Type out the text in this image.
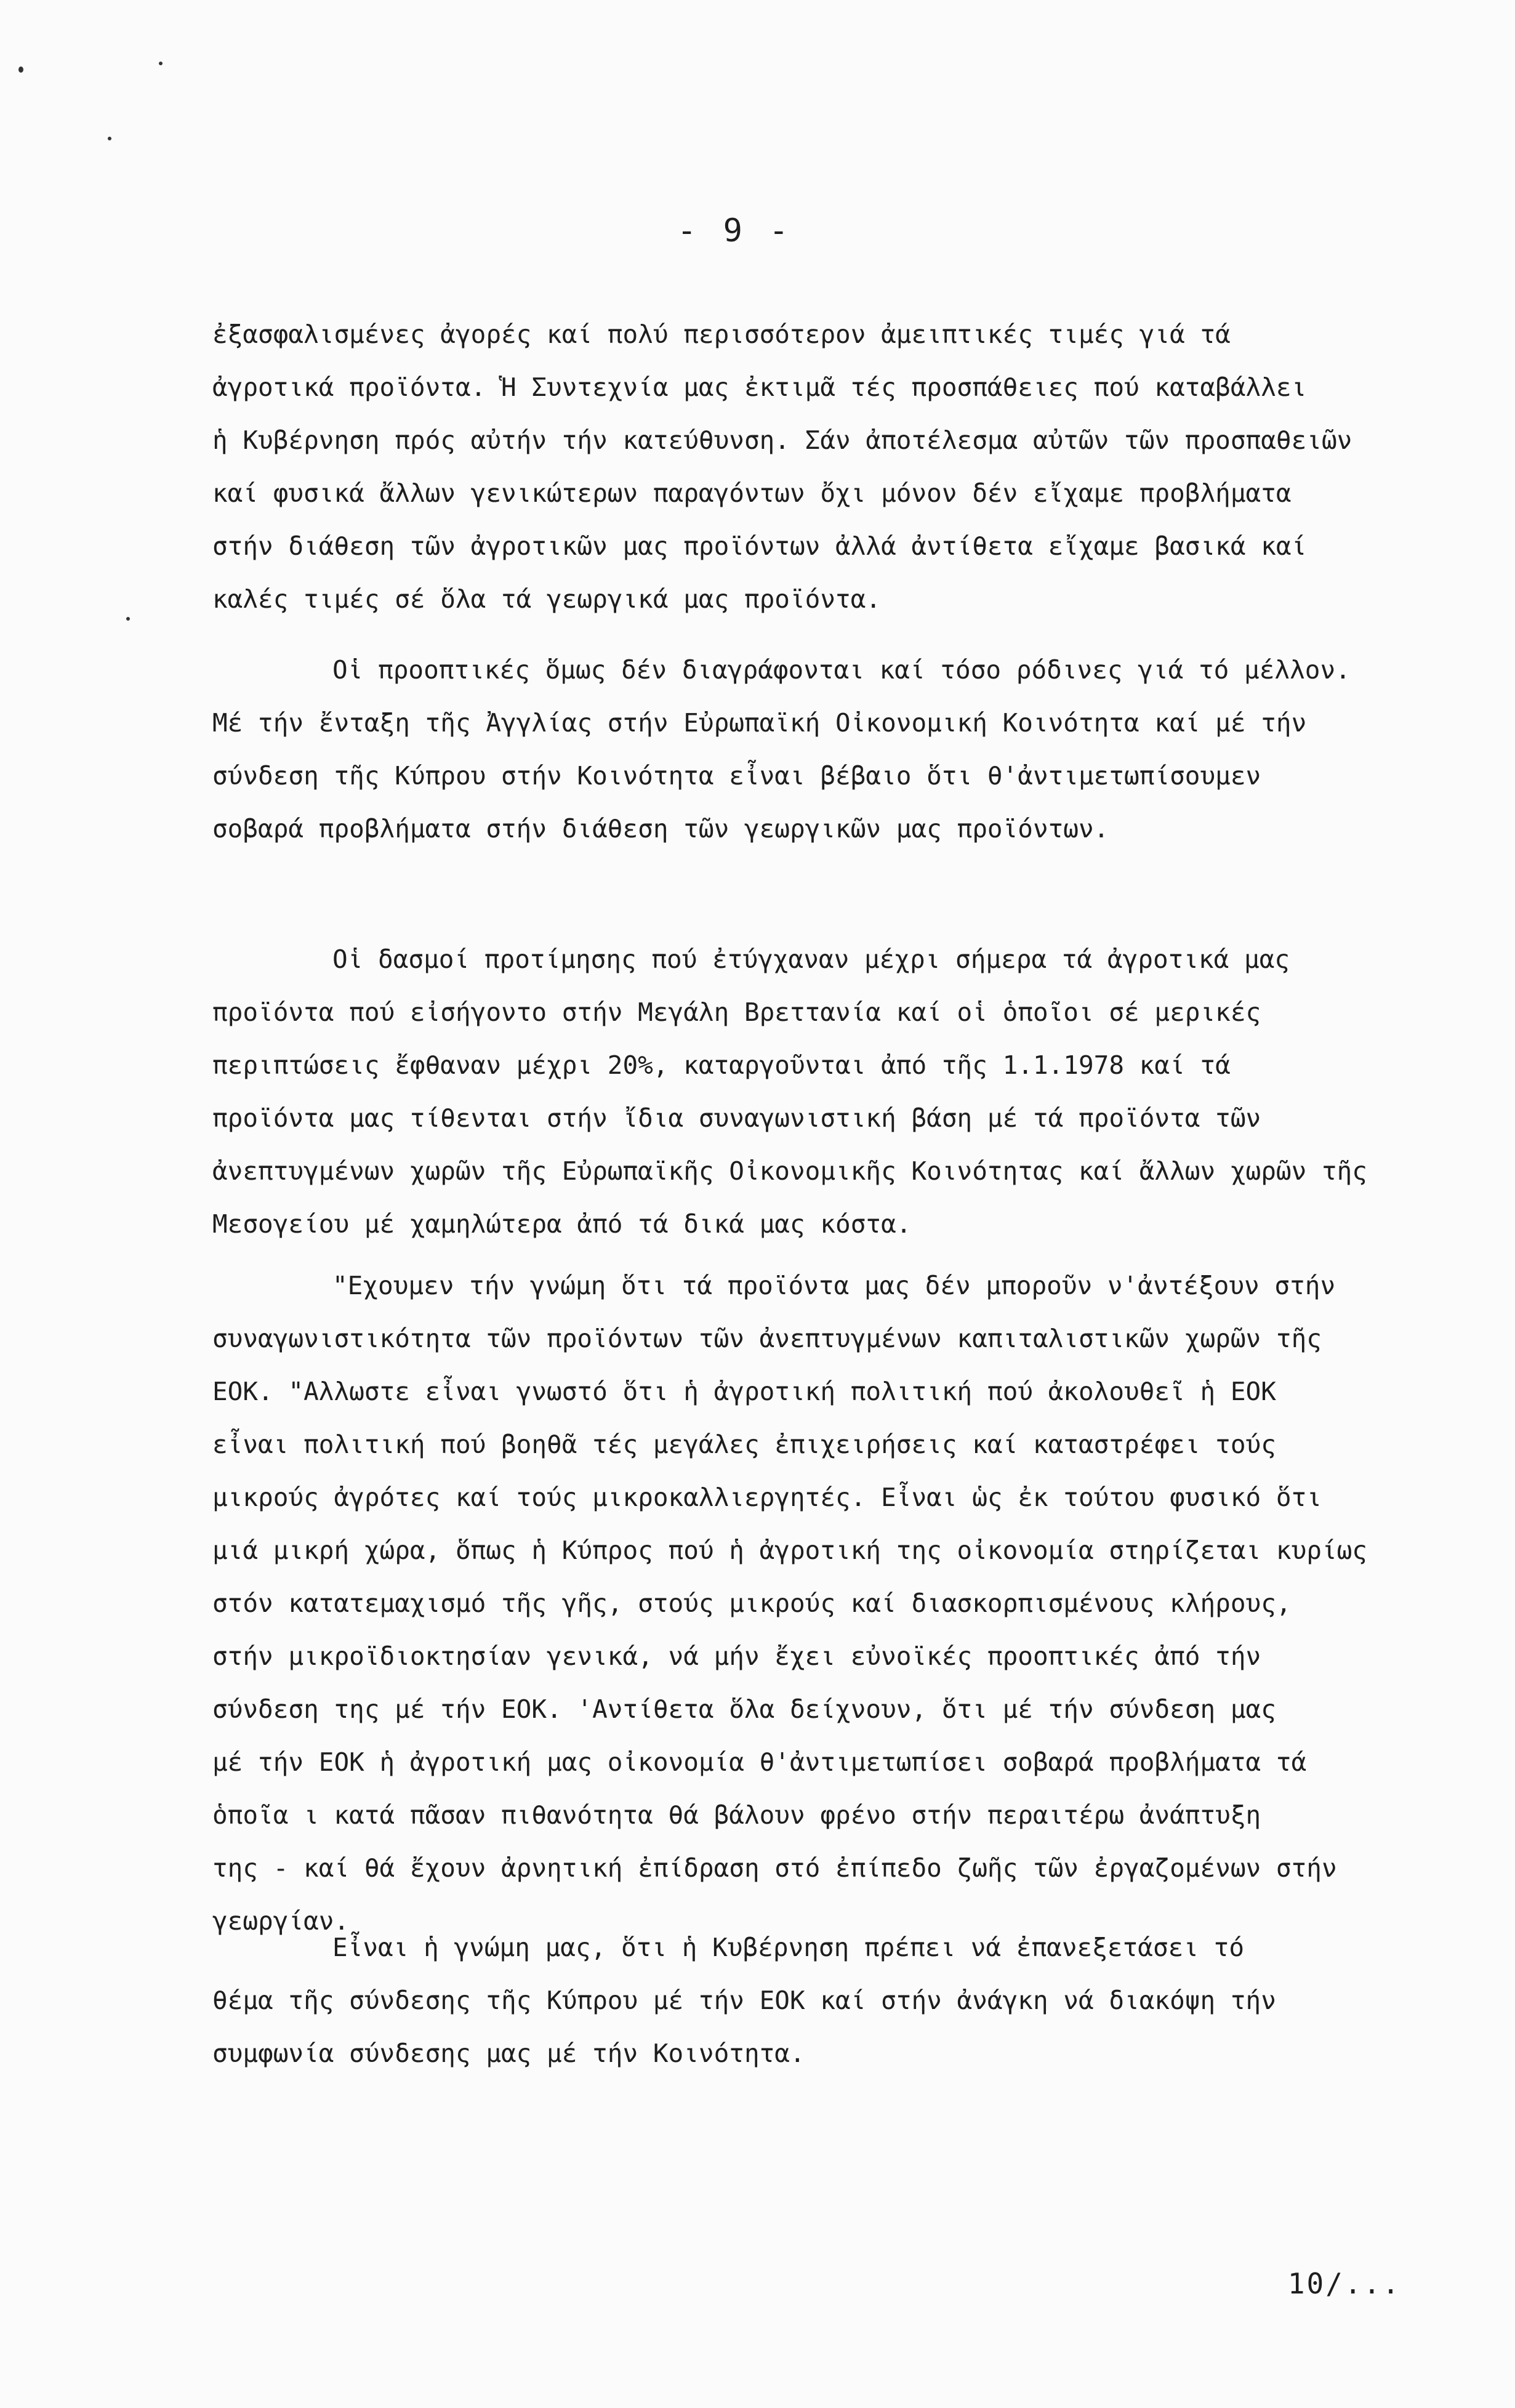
- 9 -
ἐξασφαλισμένες ἀγορές καί πολύ περισσότερον ἀμειπτικές τιμές γιά τά
ἀγροτικά προϊόντα. Ἡ Συντεχνία μας ἐκτιμᾶ τές προσπάθειες πού καταβάλλει
ἡ Κυβέρνηση πρός αὐτήν τήν κατεύθυνση. Σάν ἀποτέλεσμα αὐτῶν τῶν προσπαθειῶν
καί φυσικά ἄλλων γενικώτερων παραγόντων ὄχι μόνον δέν εἴχαμε προβλήματα
στήν διάθεση τῶν ἀγροτικῶν μας προϊόντων ἀλλά ἀντίθετα εἴχαμε βασικά καί
καλές τιμές σέ ὅλα τά γεωργικά μας προϊόντα.
Οἱ προοπτικές ὅμως δέν διαγράφονται καί τόσο ρόδινες γιά τό μέλλον.
Μέ τήν ἔνταξη τῆς Ἀγγλίας στήν Εὐρωπαϊκή Οἰκονομική Κοινότητα καί μέ τήν
σύνδεση τῆς Κύπρου στήν Κοινότητα εἶναι βέβαιο ὅτι θ'ἀντιμετωπίσουμεν
σοβαρά προβλήματα στήν διάθεση τῶν γεωργικῶν μας προϊόντων.
Οἱ δασμοί προτίμησης πού ἐτύγχαναν μέχρι σήμερα τά ἀγροτικά μας
προϊόντα πού εἰσήγοντο στήν Μεγάλη Βρεττανία καί οἱ ὁποῖοι σέ μερικές
περιπτώσεις ἔφθαναν μέχρι 20%, καταργοῦνται ἀπό τῆς 1.1.1978 καί τά
προϊόντα μας τίθενται στήν ἴδια συναγωνιστική βάση μέ τά προϊόντα τῶν
ἀνεπτυγμένων χωρῶν τῆς Εὐρωπαϊκῆς Οἰκονομικῆς Κοινότητας καί ἄλλων χωρῶν τῆς
Μεσογείου μέ χαμηλώτερα ἀπό τά δικά μας κόστα.
"Εχουμεν τήν γνώμη ὅτι τά προϊόντα μας δέν μποροῦν ν'ἀντέξουν στήν
συναγωνιστικότητα τῶν προϊόντων τῶν ἀνεπτυγμένων καπιταλιστικῶν χωρῶν τῆς
ΕΟΚ. "Αλλωστε εἶναι γνωστό ὅτι ἡ ἀγροτική πολιτική πού ἀκολουθεῖ ἡ ΕΟΚ
εἶναι πολιτική πού βοηθᾶ τές μεγάλες ἐπιχειρήσεις καί καταστρέφει τούς
μικρούς ἀγρότες καί τούς μικροκαλλιεργητές. Εἶναι ὡς ἐκ τούτου φυσικό ὅτι
μιά μικρή χώρα, ὅπως ἡ Κύπρος πού ἡ ἀγροτική της οἰκονομία στηρίζεται κυρίως
στόν κατατεμαχισμό τῆς γῆς, στούς μικρούς καί διασκορπισμένους κλήρους,
στήν μικροϊδιοκτησίαν γενικά, νά μήν ἔχει εὐνοϊκές προοπτικές ἀπό τήν
σύνδεση της μέ τήν ΕΟΚ. 'Αντίθετα ὅλα δείχνουν, ὅτι μέ τήν σύνδεση μας
μέ τήν ΕΟΚ ἡ ἀγροτική μας οἰκονομία θ'ἀντιμετωπίσει σοβαρά προβλήματα τά
ὁποῖα ι κατά πᾶσαν πιθανότητα θά βάλουν φρένο στήν περαιτέρω ἀνάπτυξη
της - καί θά ἔχουν ἀρνητική ἐπίδραση στό ἐπίπεδο ζωῆς τῶν ἐργαζομένων στήν
γεωργίαν.
Εἶναι ἡ γνώμη μας, ὅτι ἡ Κυβέρνηση πρέπει νά ἐπανεξετάσει τό
θέμα τῆς σύνδεσης τῆς Κύπρου μέ τήν ΕΟΚ καί στήν ἀνάγκη νά διακόψη τήν
συμφωνία σύνδεσης μας μέ τήν Κοινότητα.
10/...
